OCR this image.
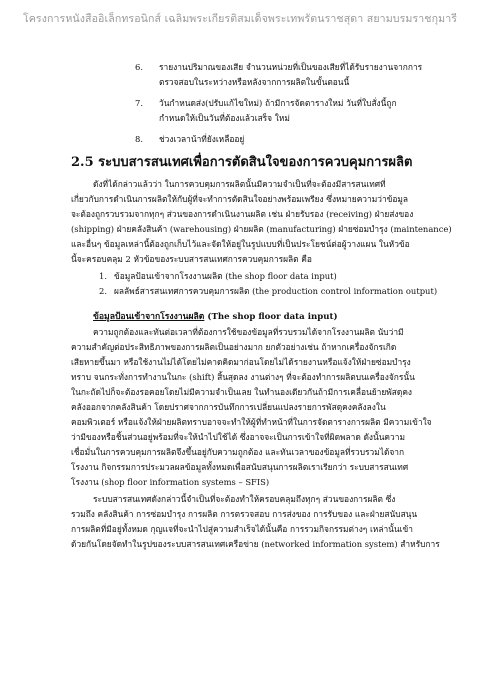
โครงการหนังสืออิเล็กทรอนิกส์ เฉลิมพระเกียรติสมเด็จพระเทพรัตนราชสุดา สยามบรมราชกุมารี
6. รายงานปริมาณของเสีย จำนวนหน่วยที่เป็นของเสียที่ได้รับรายงานจากการ
ตรวจสอบในระหว่างหรือหลังจากการผลิตในขั้นตอนนี้
7. วันกำหนดส่ง(ปรับแก้ไขใหม่) ถ้ามีการจัดตารางใหม่ วันที่ใบสั่งนี้ถูก
กำหนดให้เป็นวันที่ต้องแล้วเสร็จ ใหม่
8. ช่วงเวลาน้าที่ยังเหลืออยู่
2.5 ระบบสารสนเทศเพื่อการตัดสินใจของการควบคุมการผลิต
ดังที่ได้กล่าวแล้วว่า ในการควบคุมการผลิตนั้นมีความจำเป็นที่จะต้องมีสารสนเทศที่
เกี่ยวกับการดำเนินการผลิตให้กับผู้ที่จะทำการตัดสินใจอย่างพร้อมเพรียง ซึ่งหมายความว่าข้อมูล
จะต้องถูกรวบรวมจากทุกๆ ส่วนของการดำเนินงานผลิต เช่น ฝ่ายรับรอง (receiving) ฝ่ายส่งของ
(shipping) ฝ่ายคลังสินค้า (warehousing) ฝ่ายผลิต (manufacturing) ฝ่ายซ่อมบำรุง (maintenance)
และอื่นๆ ข้อมูลเหล่านี้ต้องถูกเก็บไว้และจัดให้อยู่ในรูปแบบที่เป็นประโยชน์ต่อผู้วางแผน ในหัวข้อ
นี้จะครอบคลุม 2 หัวข้อของระบบสารสนเทศการควบคุมการผลิต คือ
1. ข้อมูลป้อนเข้าจากโรงงานผลิต (the shop floor data input)
2. ผลลัพธ์สารสนเทศการควบคุมการผลิต (the production control information output)
ข้อมูลป้อนเข้าจากโรงงานผลิต (The shop floor data input)
ความถูกต้องและทันต่อเวลาที่ต้องการใช้ของข้อมูลที่รวบรวมได้จากโรงงานผลิต นับว่ามี
ความสำคัญต่อประสิทธิภาพของการผลิตเป็นอย่างมาก ยกตัวอย่างเช่น ถ้าหากเครื่องจักรเกิด
เสียหายขึ้นมา หรือใช้งานไม่ได้โดยไม่คาดคิดมาก่อนโดยไม่ได้รายงานหรือแจ้งให้ฝ่ายซ่อมบำรุง
ทราบ จนกระทั่งการทำงานในกะ (shift) สิ้นสุดลง งานต่างๆ ที่จะต้องทำการผลิตบนเครื่องจักรนั้น
ในกะถัดไปก็จะต้องรอคอยโดยไม่มีความจำเป็นเลย ในทำนองเดียวกันถ้ามีการเคลื่อนย้ายพัสดุคง
คลังออกจากคลังสินค้า โดยปราศจากการบันทึกการเปลี่ยนแปลงรายการพัสดุคงคลังลงใน
คอมพิวเตอร์ หรือแจ้งให้ฝ่ายผลิตทราบอาจจะทำให้ผู้ที่ทำหน้าที่ในการจัดตารางการผลิต มีความเข้าใจ
ว่ามีของหรือชิ้นส่วนอยู่พร้อมที่จะให้นำไปใช้ได้ ซึ่งอาจจะเป็นการเข้าใจที่ผิดพลาด ดังนั้นความ
เชื่อมั่นในการควบคุมการผลิตจึงขึ้นอยู่กับความถูกต้อง และทันเวลาของข้อมูลที่รวบรวมได้จาก
โรงงาน กิจกรรมการประมวลผลข้อมูลทั้งหมดเพื่อสนับสนุนการผลิตเราเรียกว่า ระบบสารสนเทศ
โรงงาน (shop floor information systems – SFIS)
ระบบสารสนเทศดังกล่าวนี้จำเป็นที่จะต้องทำให้ครอบคลุมถึงทุกๆ ส่วนของการผลิต ซึ่ง
รวมถึง คลังสินค้า การซ่อมบำรุง การผลิต การตรวจสอบ การส่งของ การรับของ และฝ่ายสนับสนุน
การผลิตที่มีอยู่ทั้งหมด กุญแจที่จะนำไปสู่ความสำเร็จได้นั้นคือ การรวมกิจกรรมต่างๆ เหล่านั้นเข้า
ด้วยกันโดยจัดทำในรูปของระบบสารสนเทศเครือข่าย (networked information system) สำหรับการ
